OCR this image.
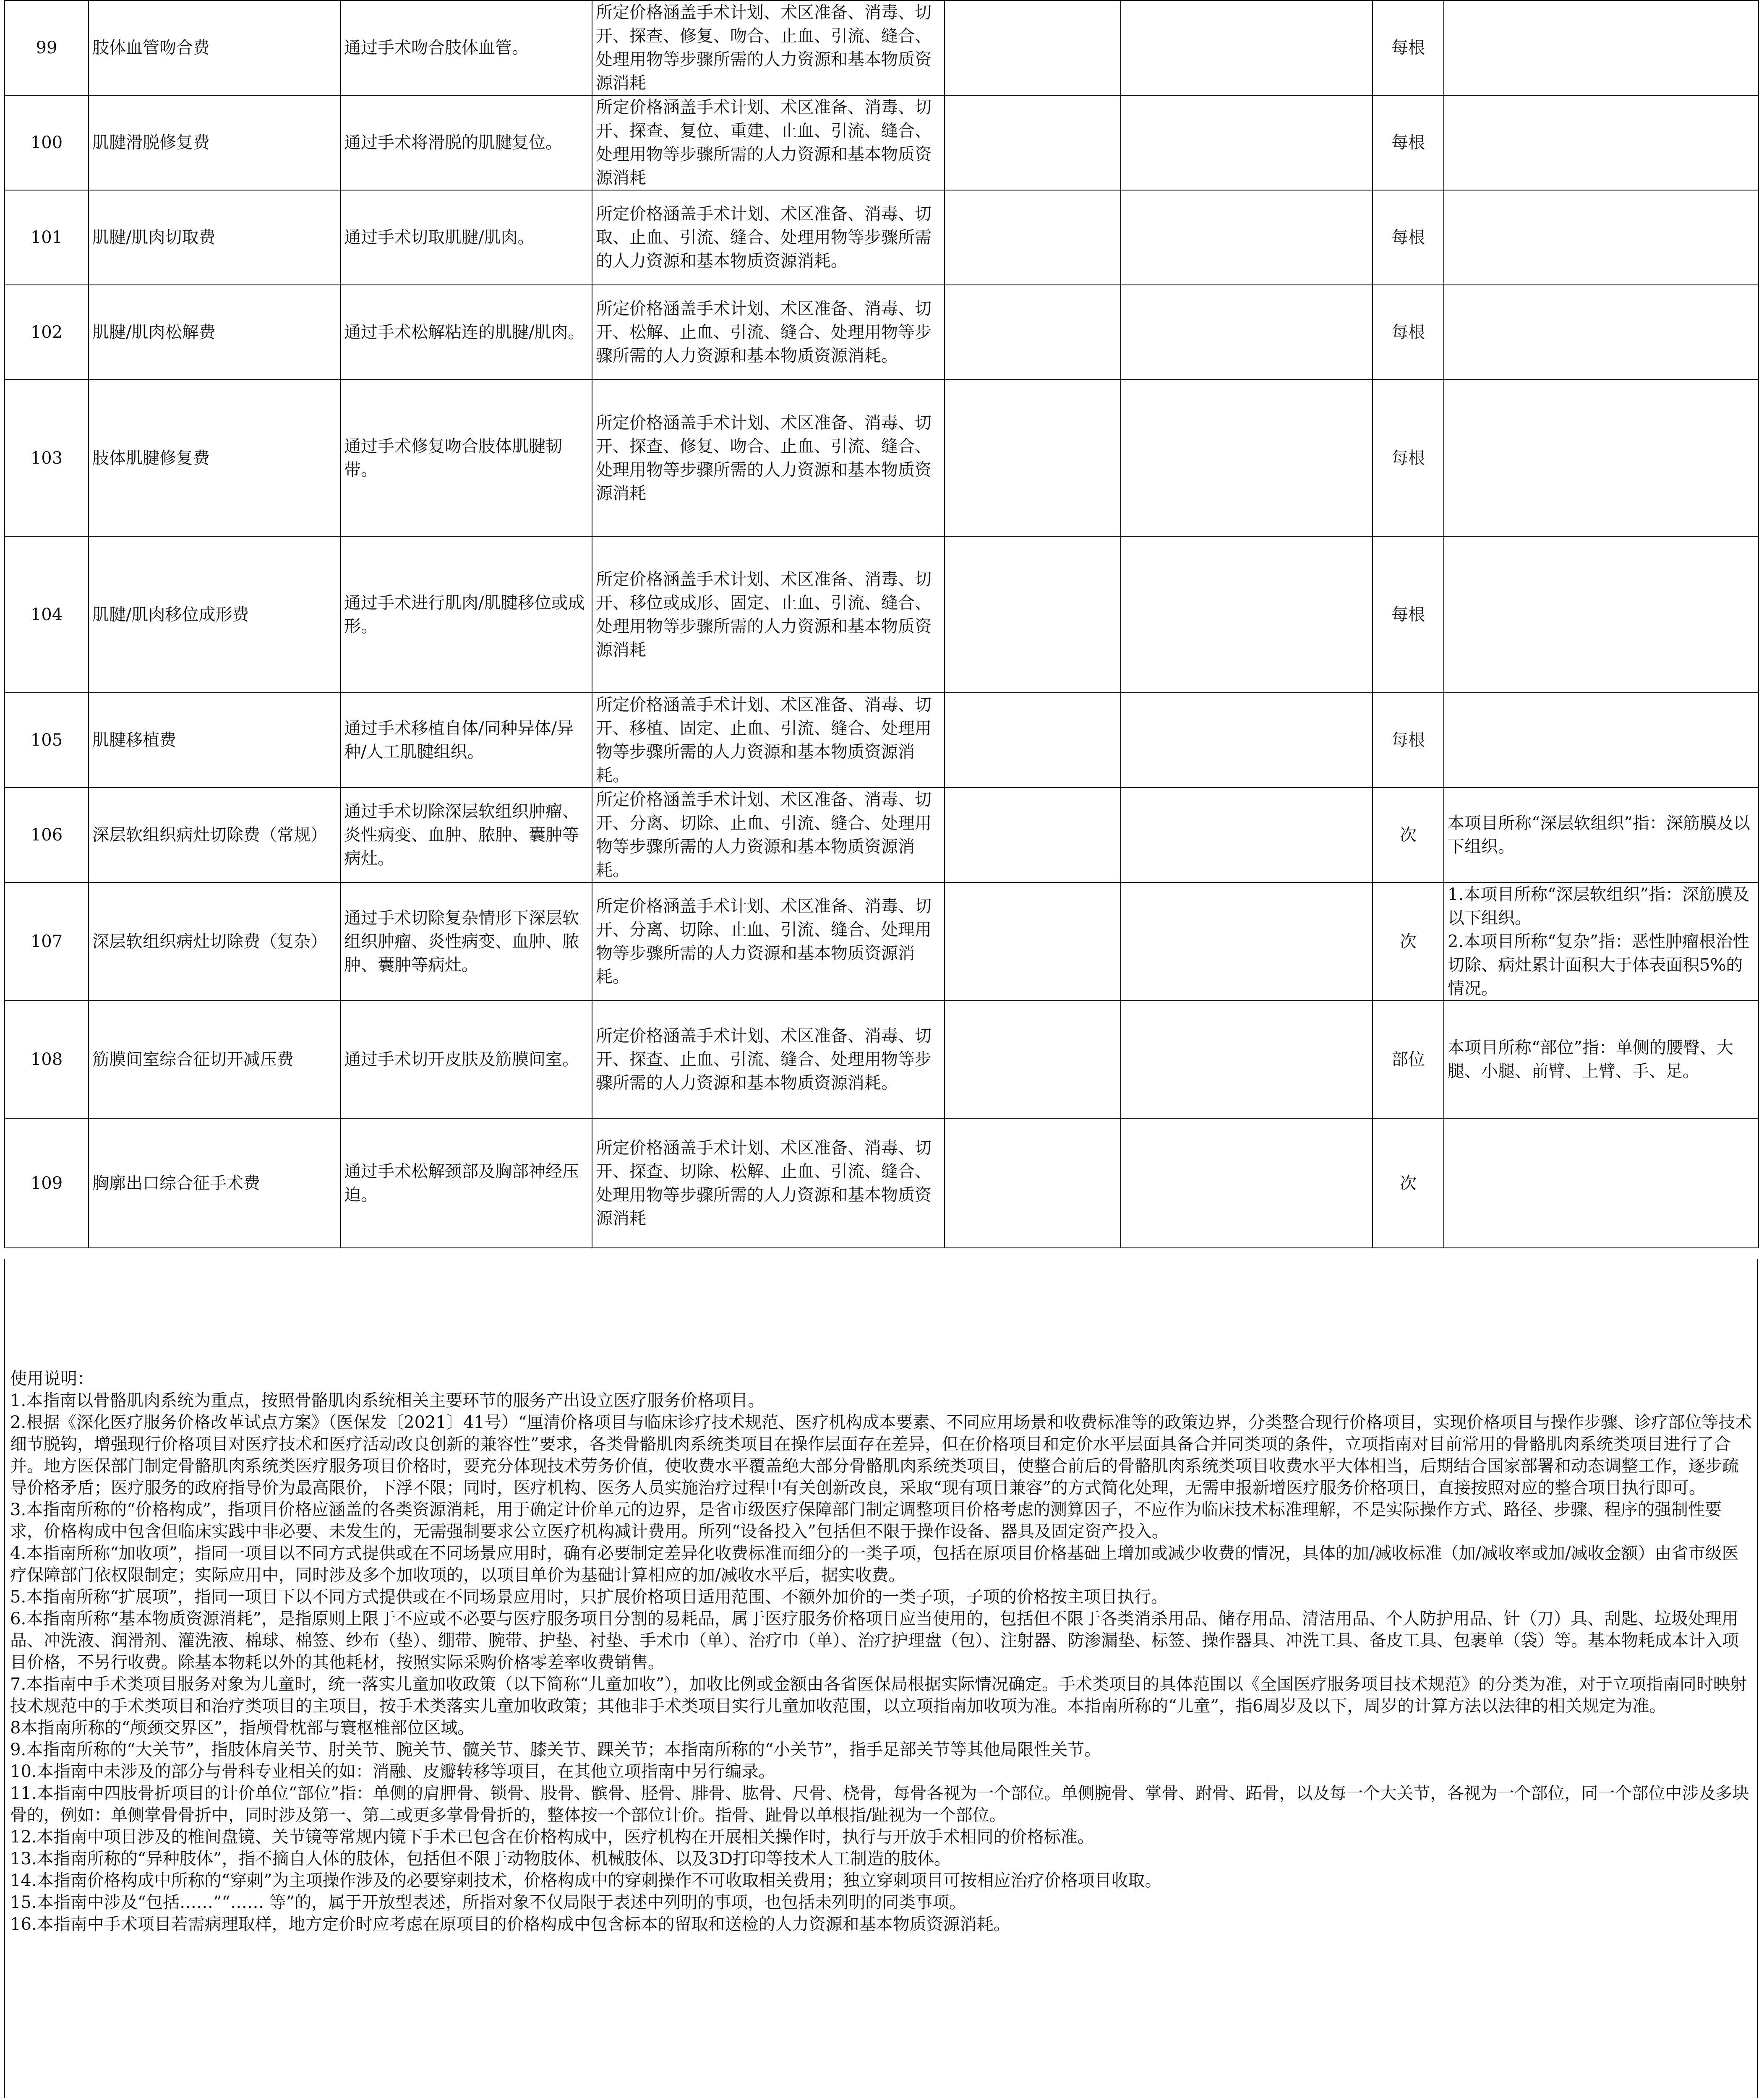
99	肢体血管吻合费	通过手术吻合肢体血管。	所定价格涵盖手术计划、术区准备、消毒、切开、探查、修复、吻合、止血、引流、缝合、处理用物等步骤所需的人力资源和基本物质资源消耗			每根	
100	肌腱滑脱修复费	通过手术将滑脱的肌腱复位。	所定价格涵盖手术计划、术区准备、消毒、切开、探查、复位、重建、止血、引流、缝合、处理用物等步骤所需的人力资源和基本物质资源消耗			每根	
101	肌腱/肌肉切取费	通过手术切取肌腱/肌肉。	所定价格涵盖手术计划、术区准备、消毒、切取、止血、引流、缝合、处理用物等步骤所需的人力资源和基本物质资源消耗。			每根	
102	肌腱/肌肉松解费	通过手术松解粘连的肌腱/肌肉。	所定价格涵盖手术计划、术区准备、消毒、切开、松解、止血、引流、缝合、处理用物等步骤所需的人力资源和基本物质资源消耗。			每根	
103	肢体肌腱修复费	通过手术修复吻合肢体肌腱韧带。	所定价格涵盖手术计划、术区准备、消毒、切开、探查、修复、吻合、止血、引流、缝合、处理用物等步骤所需的人力资源和基本物质资源消耗			每根	
104	肌腱/肌肉移位成形费	通过手术进行肌肉/肌腱移位或成形。	所定价格涵盖手术计划、术区准备、消毒、切开、移位或成形、固定、止血、引流、缝合、处理用物等步骤所需的人力资源和基本物质资源消耗			每根	
105	肌腱移植费	通过手术移植自体/同种异体/异种/人工肌腱组织。	所定价格涵盖手术计划、术区准备、消毒、切开、移植、固定、止血、引流、缝合、处理用物等步骤所需的人力资源和基本物质资源消耗。			每根	
106	深层软组织病灶切除费（常规）	通过手术切除深层软组织肿瘤、炎性病变、血肿、脓肿、囊肿等病灶。	所定价格涵盖手术计划、术区准备、消毒、切开、分离、切除、止血、引流、缝合、处理用物等步骤所需的人力资源和基本物质资源消耗。			次	本项目所称“深层软组织”指：深筋膜及以下组织。
107	深层软组织病灶切除费（复杂）	通过手术切除复杂情形下深层软组织肿瘤、炎性病变、血肿、脓肿、囊肿等病灶。	所定价格涵盖手术计划、术区准备、消毒、切开、分离、切除、止血、引流、缝合、处理用物等步骤所需的人力资源和基本物质资源消耗。			次	1.本项目所称“深层软组织”指：深筋膜及以下组织。
2.本项目所称“复杂”指：恶性肿瘤根治性切除、病灶累计面积大于体表面积5%的情况。
108	筋膜间室综合征切开减压费	通过手术切开皮肤及筋膜间室。	所定价格涵盖手术计划、术区准备、消毒、切开、探查、止血、引流、缝合、处理用物等步骤所需的人力资源和基本物质资源消耗。			部位	本项目所称“部位”指：单侧的腰臀、大腿、小腿、前臂、上臂、手、足。
109	胸廓出口综合征手术费	通过手术松解颈部及胸部神经压迫。	所定价格涵盖手术计划、术区准备、消毒、切开、探查、切除、松解、止血、引流、缝合、处理用物等步骤所需的人力资源和基本物质资源消耗			次	

使用说明：

1.本指南以骨骼肌肉系统为重点，按照骨骼肌肉系统相关主要环节的服务产出设立医疗服务价格项目。

2.根据《深化医疗服务价格改革试点方案》（医保发〔2021〕41号）“厘清价格项目与临床诊疗技术规范、医疗机构成本要素、不同应用场景和收费标准等的政策边界，分类整合现行价格项目，实现价格项目与操作步骤、诊疗部位等技术细节脱钩，增强现行价格项目对医疗技术和医疗活动改良创新的兼容性”要求，各类骨骼肌肉系统类项目在操作层面存在差异，但在价格项目和定价水平层面具备合并同类项的条件，立项指南对目前常用的骨骼肌肉系统类项目进行了合并。地方医保部门制定骨骼肌肉系统类医疗服务项目价格时，要充分体现技术劳务价值，使收费水平覆盖绝大部分骨骼肌肉系统类项目，使整合前后的骨骼肌肉系统类项目收费水平大体相当，后期结合国家部署和动态调整工作，逐步疏导价格矛盾；医疗服务的政府指导价为最高限价，下浮不限；同时，医疗机构、医务人员实施治疗过程中有关创新改良，采取“现有项目兼容”的方式简化处理，无需申报新增医疗服务价格项目，直接按照对应的整合项目执行即可。

3.本指南所称的“价格构成”，指项目价格应涵盖的各类资源消耗，用于确定计价单元的边界，是省市级医疗保障部门制定调整项目价格考虑的测算因子，不应作为临床技术标准理解，不是实际操作方式、路径、步骤、程序的强制性要求，价格构成中包含但临床实践中非必要、未发生的，无需强制要求公立医疗机构减计费用。所列“设备投入”包括但不限于操作设备、器具及固定资产投入。

4.本指南所称“加收项”，指同一项目以不同方式提供或在不同场景应用时，确有必要制定差异化收费标准而细分的一类子项，包括在原项目价格基础上增加或减少收费的情况，具体的加/减收标准（加/减收率或加/减收金额）由省市级医疗保障部门依权限制定；实际应用中，同时涉及多个加收项的，以项目单价为基础计算相应的加/减收水平后，据实收费。

5.本指南所称“扩展项”，指同一项目下以不同方式提供或在不同场景应用时，只扩展价格项目适用范围、不额外加价的一类子项，子项的价格按主项目执行。

6.本指南所称“基本物质资源消耗”，是指原则上限于不应或不必要与医疗服务项目分割的易耗品，属于医疗服务价格项目应当使用的，包括但不限于各类消杀用品、储存用品、清洁用品、个人防护用品、针（刀）具、刮匙、垃圾处理用品、冲洗液、润滑剂、灌洗液、棉球、棉签、纱布（垫）、绷带、腕带、护垫、衬垫、手术巾（单）、治疗巾（单）、治疗护理盘（包）、注射器、防渗漏垫、标签、操作器具、冲洗工具、备皮工具、包裹单（袋）等。基本物耗成本计入项目价格，不另行收费。除基本物耗以外的其他耗材，按照实际采购价格零差率收费销售。

7.本指南中手术类项目服务对象为儿童时，统一落实儿童加收政策（以下简称“儿童加收”），加收比例或金额由各省医保局根据实际情况确定。手术类项目的具体范围以《全国医疗服务项目技术规范》的分类为准，对于立项指南同时映射技术规范中的手术类项目和治疗类项目的主项目，按手术类落实儿童加收政策；其他非手术类项目实行儿童加收范围，以立项指南加收项为准。本指南所称的“儿童”，指6周岁及以下，周岁的计算方法以法律的相关规定为准。

8本指南所称的“颅颈交界区”，指颅骨枕部与寰枢椎部位区域。

9.本指南所称的“大关节”，指肢体肩关节、肘关节、腕关节、髋关节、膝关节、踝关节；本指南所称的“小关节”，指手足部关节等其他局限性关节。

10.本指南中未涉及的部分与骨科专业相关的如：消融、皮瓣转移等项目，在其他立项指南中另行编录。

11.本指南中四肢骨折项目的计价单位“部位”指：单侧的肩胛骨、锁骨、股骨、髌骨、胫骨、腓骨、肱骨、尺骨、桡骨，每骨各视为一个部位。单侧腕骨、掌骨、跗骨、跖骨，以及每一个大关节，各视为一个部位，同一个部位中涉及多块骨的，例如：单侧掌骨骨折中，同时涉及第一、第二或更多掌骨骨折的，整体按一个部位计价。指骨、趾骨以单根指/趾视为一个部位。

12.本指南中项目涉及的椎间盘镜、关节镜等常规内镜下手术已包含在价格构成中，医疗机构在开展相关操作时，执行与开放手术相同的价格标准。

13.本指南所称的“异种肢体”，指不摘自人体的肢体，包括但不限于动物肢体、机械肢体、以及3D打印等技术人工制造的肢体。

14.本指南价格构成中所称的“穿刺”为主项操作涉及的必要穿刺技术，价格构成中的穿刺操作不可收取相关费用；独立穿刺项目可按相应治疗价格项目收取。

15.本指南中涉及“包括……”“…… 等”的，属于开放型表述，所指对象不仅局限于表述中列明的事项，也包括未列明的同类事项。

16.本指南中手术项目若需病理取样，地方定价时应考虑在原项目的价格构成中包含标本的留取和送检的人力资源和基本物质资源消耗。
